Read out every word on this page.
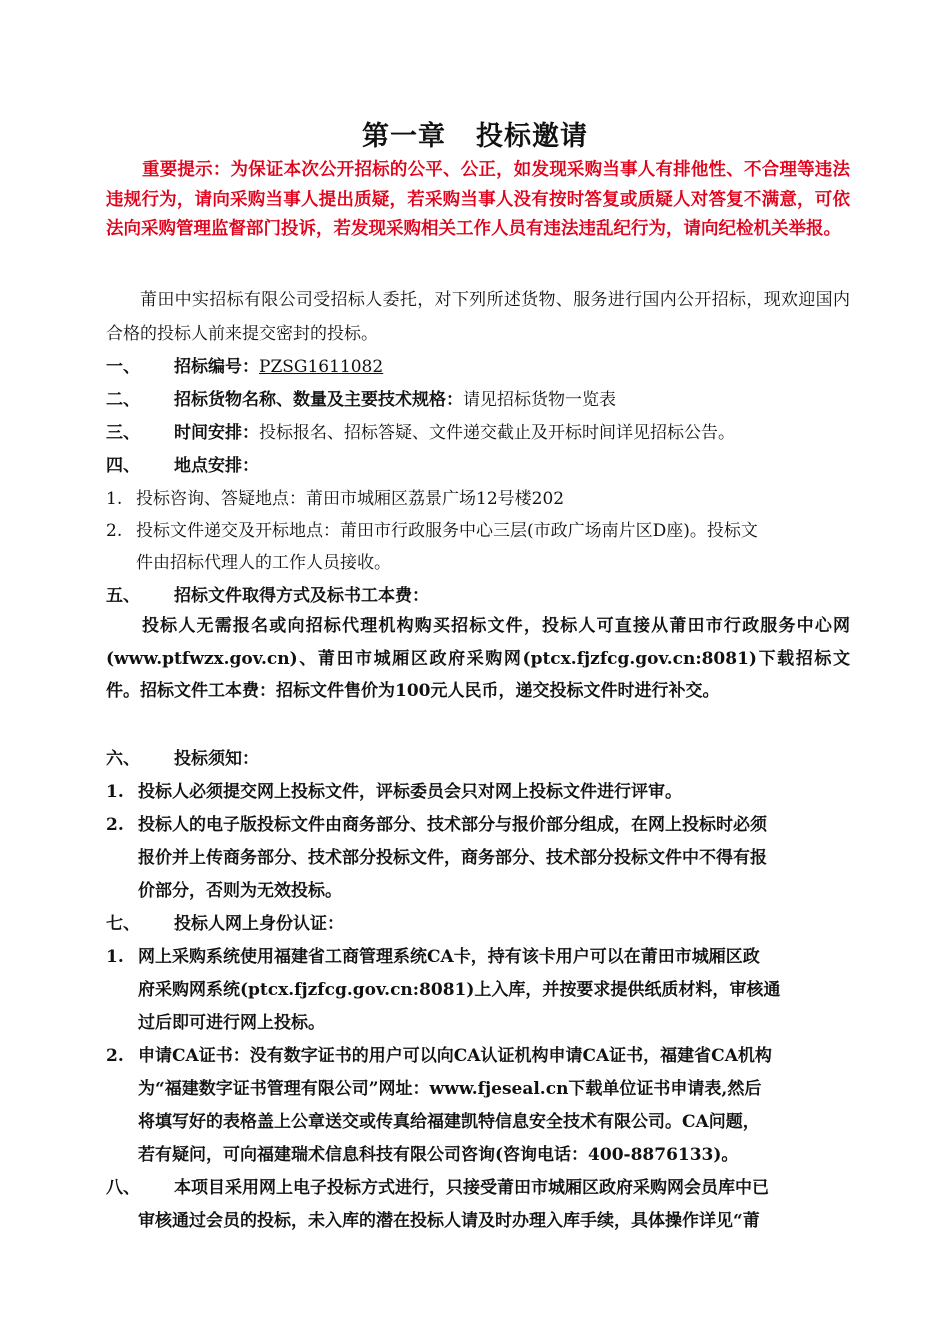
第一章 投标邀请
重要提示：为保证本次公开招标的公平、公正，如发现采购当事人有排他性、不合理等违法违规行为，请向采购当事人提出质疑，若采购当事人没有按时答复或质疑人对答复不满意，可依法向采购管理监督部门投诉，若发现采购相关工作人员有违法违乱纪行为，请向纪检机关举报。
莆田中实招标有限公司受招标人委托，对下列所述货物、服务进行国内公开招标，现欢迎国内合格的投标人前来提交密封的投标。
一、 招标编号：PZSG1611082
二、 招标货物名称、数量及主要技术规格：请见招标货物一览表
三、 时间安排：投标报名、招标答疑、文件递交截止及开标时间详见招标公告。
四、 地点安排：
1. 投标咨询、答疑地点：莆田市城厢区荔景广场12号楼202
2. 投标文件递交及开标地点：莆田市行政服务中心三层(市政广场南片区D座)。投标文
件由招标代理人的工作人员接收。
五、 招标文件取得方式及标书工本费：
投标人无需报名或向招标代理机构购买招标文件，投标人可直接从莆田市行政服务中心网(www.ptfwzx.gov.cn)、莆田市城厢区政府采购网(ptcx.fjzfcg.gov.cn:8081)下载招标文件。招标文件工本费：招标文件售价为100元人民币，递交投标文件时进行补交。
六、 投标须知：
1. 投标人必须提交网上投标文件，评标委员会只对网上投标文件进行评审。
2. 投标人的电子版投标文件由商务部分、技术部分与报价部分组成，在网上投标时必须
报价并上传商务部分、技术部分投标文件，商务部分、技术部分投标文件中不得有报
价部分，否则为无效投标。
七、 投标人网上身份认证：
1. 网上采购系统使用福建省工商管理系统CA卡，持有该卡用户可以在莆田市城厢区政
府采购网系统(ptcx.fjzfcg.gov.cn:8081)上入库，并按要求提供纸质材料，审核通
过后即可进行网上投标。
2. 申请CA证书：没有数字证书的用户可以向CA认证机构申请CA证书，福建省CA机构
为“福建数字证书管理有限公司”网址：www.fjeseal.cn下载单位证书申请表,然后
将填写好的表格盖上公章送交或传真给福建凯特信息安全技术有限公司。CA问题，
若有疑问，可向福建瑞术信息科技有限公司咨询(咨询电话：400-8876133)。
八、 本项目采用网上电子投标方式进行，只接受莆田市城厢区政府采购网会员库中已
审核通过会员的投标，未入库的潜在投标人请及时办理入库手续，具体操作详见“莆
